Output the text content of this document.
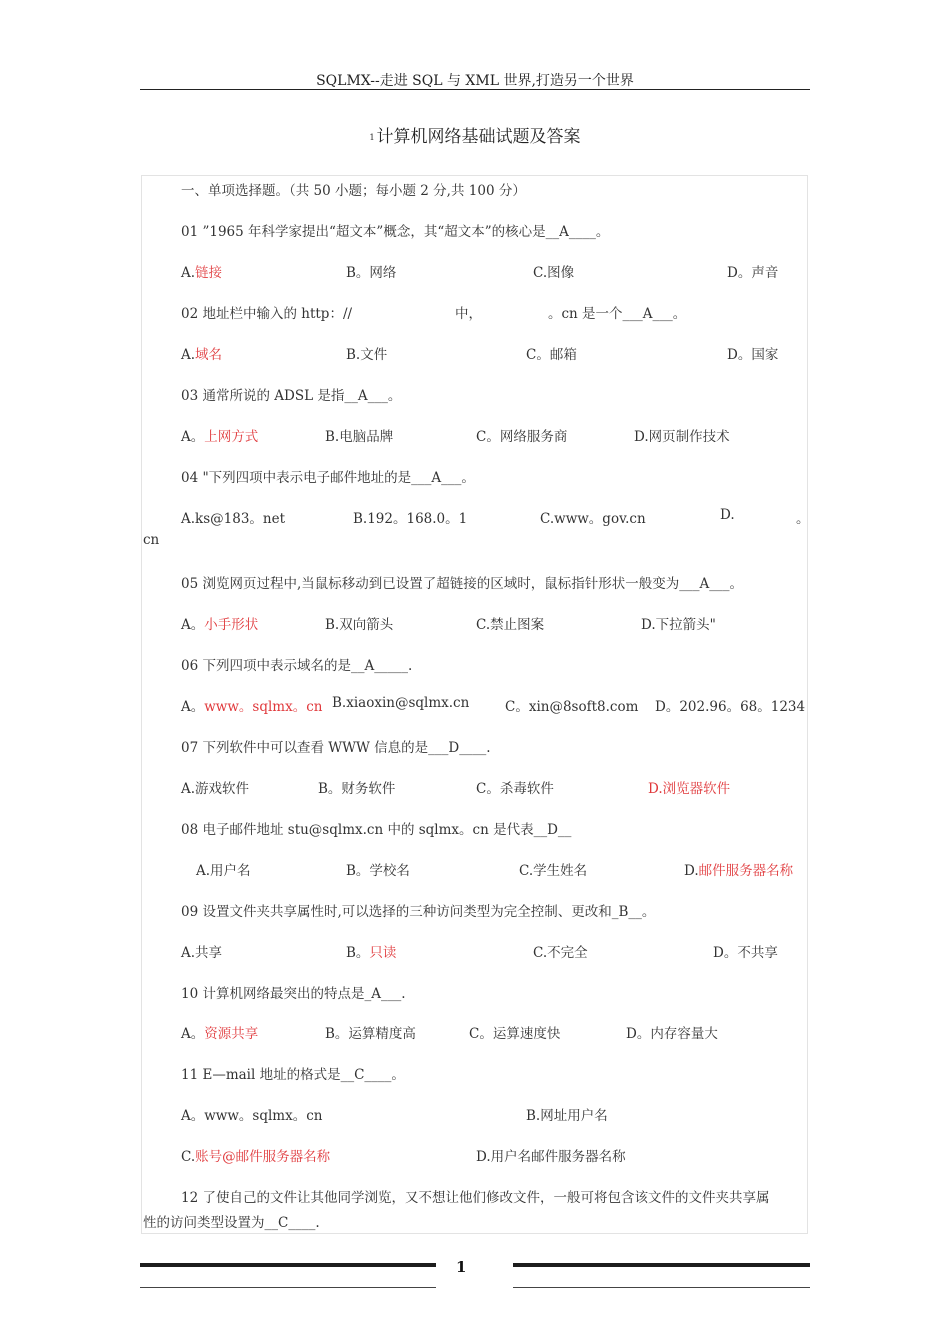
SQLMX--走进 SQL 与 XML 世界,打造另一个世界
1 计算机网络基础试题及答案
一、单项选择题。（共 50 小题；每小题 2 分,共 100 分）
01 ”1965 年科学家提出“超文本”概念，其“超文本”的核心是__A____。
A.链接	B。网络	C.图像	D。声音
02 地址栏中输入的 http：//	中，	。cn 是一个___A___。
A.域名	B.文件	C。邮箱	D。国家
03 通常所说的 ADSL 是指__A___。
A。上网方式	B.电脑品牌	C。网络服务商	D.网页制作技术
04 "下列四项中表示电子邮件地址的是___A___。
A.ks@183。net	B.192。168.0。1	C.www。gov.cn	D.	。
cn
05 浏览网页过程中,当鼠标移动到已设置了超链接的区域时，鼠标指针形状一般变为___A___。
A。小手形状	B.双向箭头	C.禁止图案	D.下拉箭头"
06 下列四项中表示域名的是__A_____.
A。www。sqlmx。cn B.xiaoxin@sqlmx.cn	C。xin@8soft8.com D。202.96。68。1234
07 下列软件中可以查看 WWW 信息的是___D____.
A.游戏软件	B。财务软件	C。杀毒软件	D.浏览器软件
08 电子邮件地址 stu@sqlmx.cn 中的 sqlmx。cn 是代表__D__
A.用户名	B。学校名	C.学生姓名	D.邮件服务器名称
09 设置文件夹共享属性时,可以选择的三种访问类型为完全控制、更改和_B__。
A.共享	B。只读	C.不完全	D。不共享
10 计算机网络最突出的特点是_A___.
A。资源共享	B。运算精度高	C。运算速度快	D。内存容量大
11 E—mail 地址的格式是__C____。
A。www。sqlmx。cn	B.网址用户名
C.账号@邮件服务器名称	D.用户名邮件服务器名称
12 了使自己的文件让其他同学浏览，又不想让他们修改文件，一般可将包含该文件的文件夹共享属
性的访问类型设置为__C____.
1
